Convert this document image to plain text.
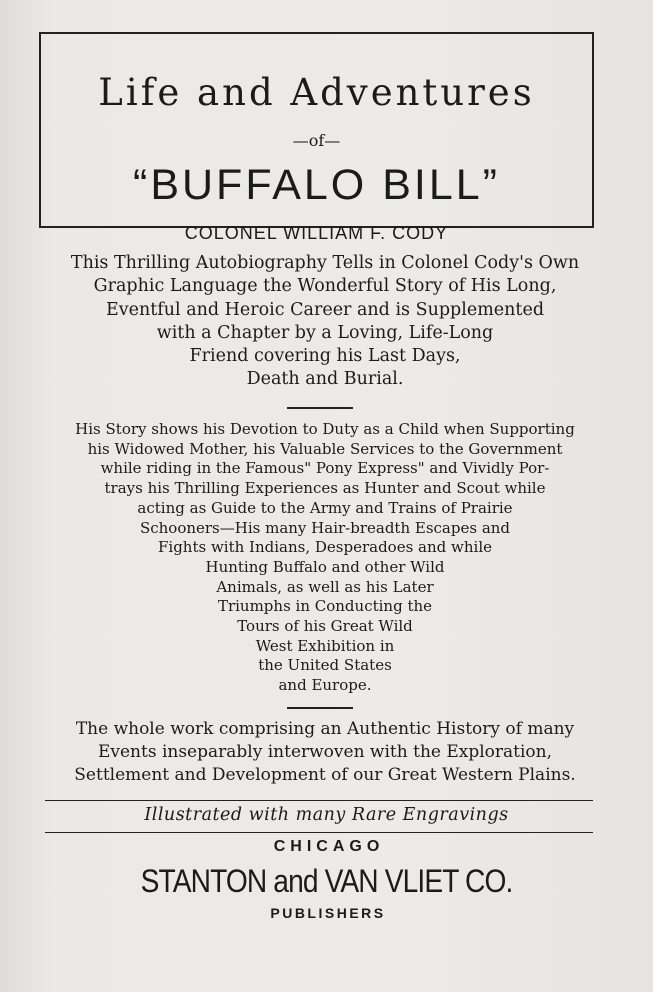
Life and Adventures
—of—
“BUFFALO BILL”
COLONEL WILLIAM F. CODY
This Thrilling Autobiography Tells in Colonel Cody's Own
Graphic Language the Wonderful Story of His Long,
Eventful and Heroic Career and is Supplemented
with a Chapter by a Loving, Life-Long
Friend covering his Last Days,
Death and Burial.
His Story shows his Devotion to Duty as a Child when Supporting
his Widowed Mother, his Valuable Services to the Government
while riding in the Famous" Pony Express" and Vividly Por-
trays his Thrilling Experiences as Hunter and Scout while
acting as Guide to the Army and Trains of Prairie
Schooners—His many Hair-breadth Escapes and
Fights with Indians, Desperadoes and while
Hunting Buffalo and other Wild
Animals, as well as his Later
Triumphs in Conducting the
Tours of his Great Wild
West Exhibition in
the United States
and Europe.
The whole work comprising an Authentic History of many
Events inseparably interwoven with the Exploration,
Settlement and Development of our Great Western Plains.
Illustrated with many Rare Engravings
CHICAGO
STANTON and VAN VLIET CO.
PUBLISHERS
